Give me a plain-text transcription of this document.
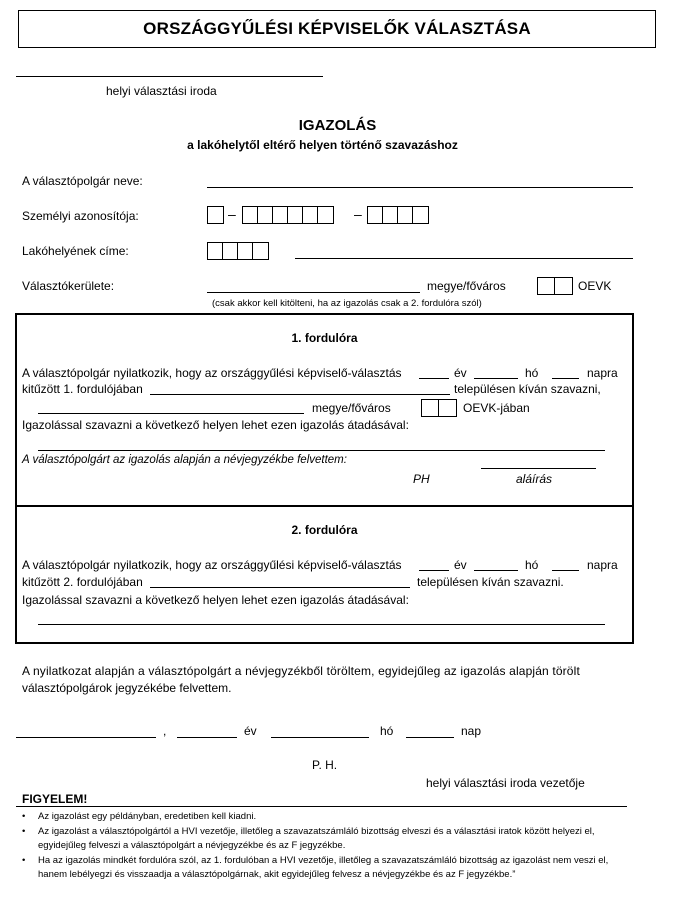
ORSZÁGGYŰLÉSI KÉPVISELŐK VÁLASZTÁSA
helyi választási iroda
IGAZOLÁS
a lakóhelytől eltérő helyen történő szavazáshoz
A választópolgár neve:
Személyi azonosítója:	–	–
Lakóhelyének címe:
Választókerülete:	megye/főváros	OEVK
(csak akkor kell kitölteni, ha az igazolás csak a 2. fordulóra szól)
1. fordulóra
A választópolgár nyilatkozik, hogy az országgyűlési képviselő-választás	év	hó	napra
kitűzött 1. fordulójában	településen kíván szavazni,
megye/főváros	OEVK-jában
Igazolással szavazni a következő helyen lehet ezen igazolás átadásával:
A választópolgárt az igazolás alapján a névjegyzékbe felvettem:
PH	aláírás
2. fordulóra
A választópolgár nyilatkozik, hogy az országgyűlési képviselő-választás	év	hó	napra
kitűzött 2. fordulójában	településen kíván szavazni.
Igazolással szavazni a következő helyen lehet ezen igazolás átadásával:
A nyilatkozat alapján a választópolgárt a névjegyzékből töröltem, egyidejűleg az igazolás alapján törölt
választópolgárok jegyzékébe felvettem.
,	év	hó	nap
P. H.
helyi választási iroda vezetője
FIGYELEM!
• Az igazolást egy példányban, eredetiben kell kiadni.
• Az igazolást a választópolgártól a HVI vezetője, illetőleg a szavazatszámláló bizottság elveszi és a választási iratok között helyezi el, egyidejűleg felveszi a választópolgárt a névjegyzékbe és az F jegyzékbe.
• Ha az igazolás mindkét fordulóra szól, az 1. fordulóban a HVI vezetője, illetőleg a szavazatszámláló bizottság az igazolást nem veszi el, hanem lebélyegzi és visszaadja a választópolgárnak, akit egyidejűleg felvesz a névjegyzékbe és az F jegyzékbe.”
